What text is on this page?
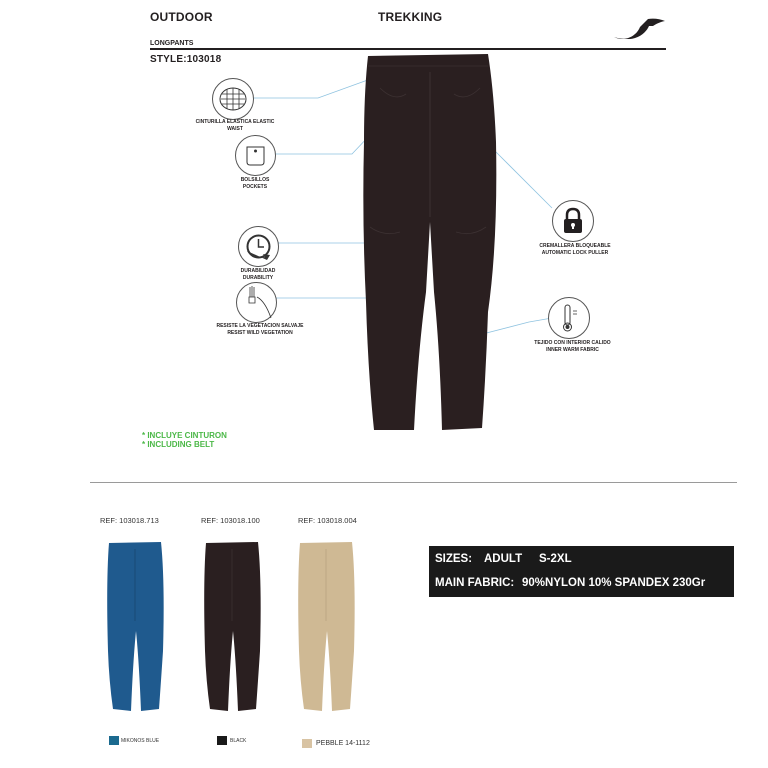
OUTDOOR	TREKKING
LONGPANTS
STYLE:103018
CINTURILLA ELASTICA ELASTIC WAIST
BOLSILLOS
POCKETS
DURABILIDAD
DURABILITY
RESISTE LA VEGETACION SALVAJE
RESIST WILD VEGETATION
CREMALLERA BLOQUEABLE
AUTOMATIC LOCK PULLER
TEJIDO CON INTERIOR CALIDO
INNER WARM FABRIC
* INCLUYE CINTURON
* INCLUDING BELT
REF: 103018.713	REF: 103018.100	REF: 103018.004
MIKONOS BLUE	BLACK	PEBBLE 14-1112
SIZES: ADULT S-2XL
MAIN FABRIC: 90%NYLON 10% SPANDEX 230Gr
